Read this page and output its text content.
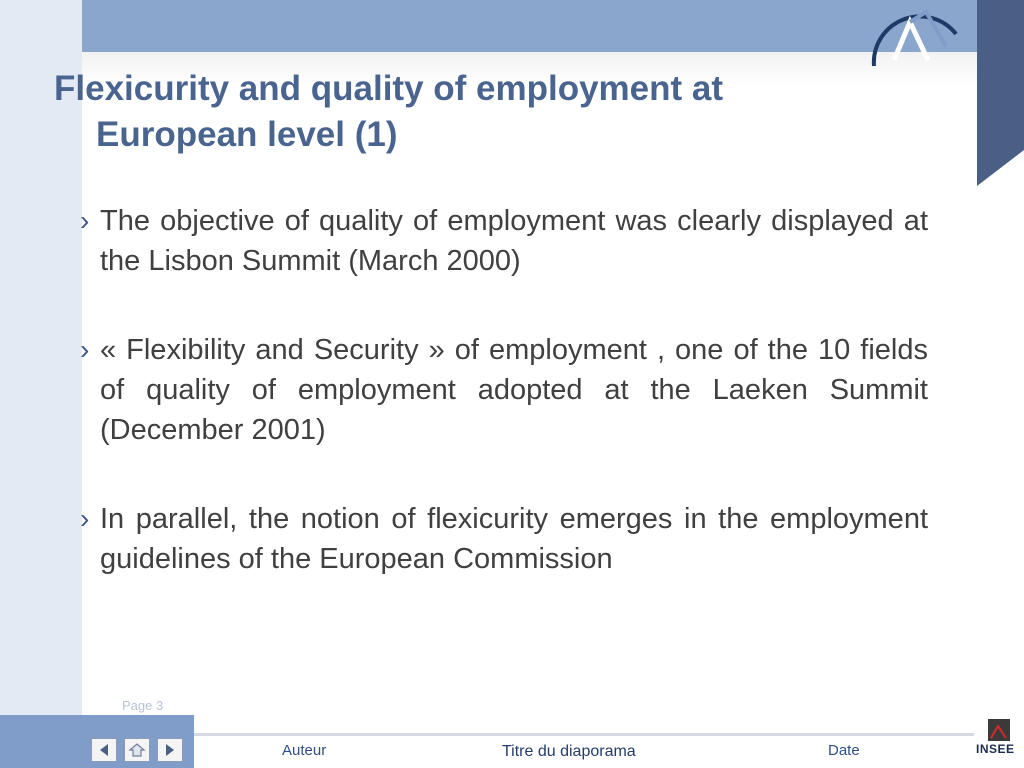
Flexicurity and quality of employment at
European level (1)
› The objective of quality of employment was clearly displayed at the Lisbon Summit (March 2000)
› « Flexibility and Security » of employment , one of the 10 fields of quality of employment adopted at the Laeken Summit (December 2001)
› In parallel, the notion of flexicurity emerges in the employment guidelines of the European Commission
Page 3
Auteur	Titre du diaporama	Date	INSEE
